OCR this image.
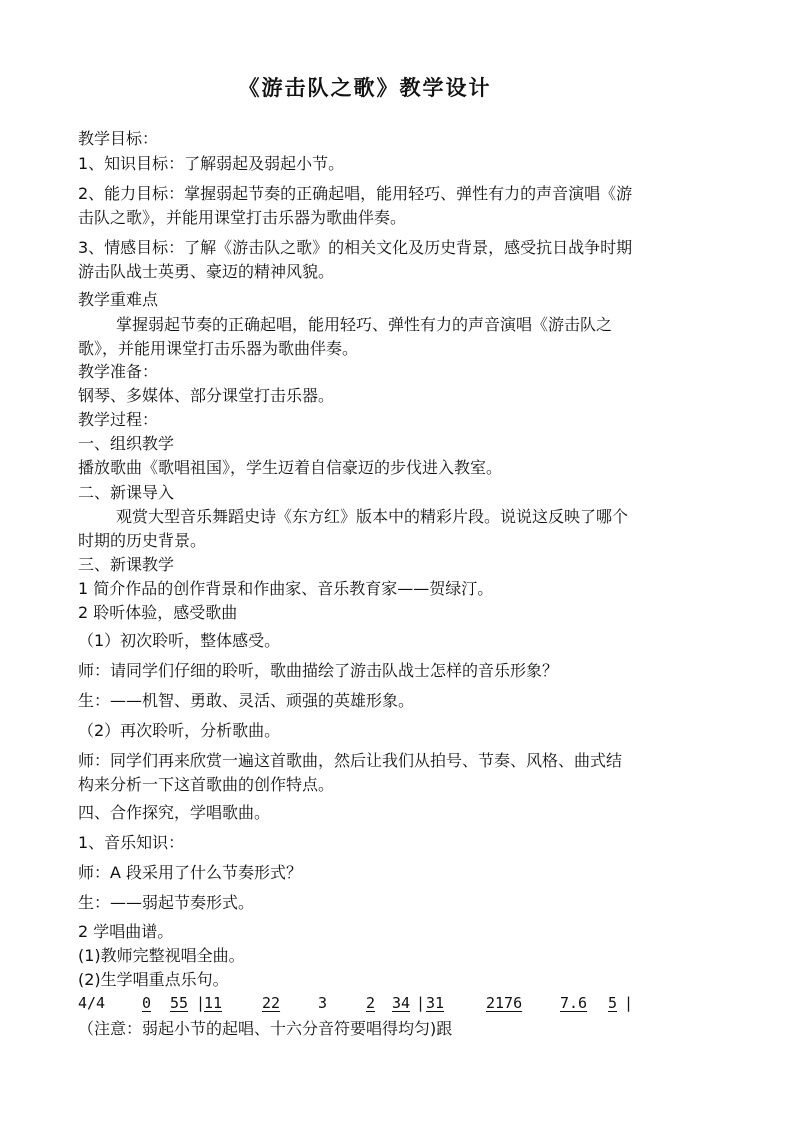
《游击队之歌》教学设计
教学目标：
1、知识目标：了解弱起及弱起小节。
2、能力目标：掌握弱起节奏的正确起唱，能用轻巧、弹性有力的声音演唱《游
击队之歌》，并能用课堂打击乐器为歌曲伴奏。
3、情感目标：了解《游击队之歌》的相关文化及历史背景，感受抗日战争时期
游击队战士英勇、豪迈的精神风貌。
教学重难点
掌握弱起节奏的正确起唱，能用轻巧、弹性有力的声音演唱《游击队之
歌》，并能用课堂打击乐器为歌曲伴奏。
教学准备：
钢琴、多媒体、部分课堂打击乐器。
教学过程：
一、组织教学
播放歌曲《歌唱祖国》，学生迈着自信豪迈的步伐进入教室。
二、新课导入
观赏大型音乐舞蹈史诗《东方红》版本中的精彩片段。说说这反映了哪个
时期的历史背景。
三、新课教学
1 简介作品的创作背景和作曲家、音乐教育家——贺绿汀。
2 聆听体验，感受歌曲
（1）初次聆听，整体感受。
师：请同学们仔细的聆听，歌曲描绘了游击队战士怎样的音乐形象？
生：——机智、勇敢、灵活、顽强的英雄形象。
（2）再次聆听，分析歌曲。
师：同学们再来欣赏一遍这首歌曲，然后让我们从拍号、节奏、风格、曲式结
构来分析一下这首歌曲的创作特点。
四、合作探究，学唱歌曲。
1、音乐知识：
师：A 段采用了什么节奏形式？
生：——弱起节奏形式。
2 学唱曲谱。
(1)教师完整视唱全曲。
(2)生学唱重点乐句。
4/4 0 55 |
11	22	3	2 34 | 31	2176	7.6 5 |
（注意：弱起小节的起唱、十六分音符要唱得均匀)跟
